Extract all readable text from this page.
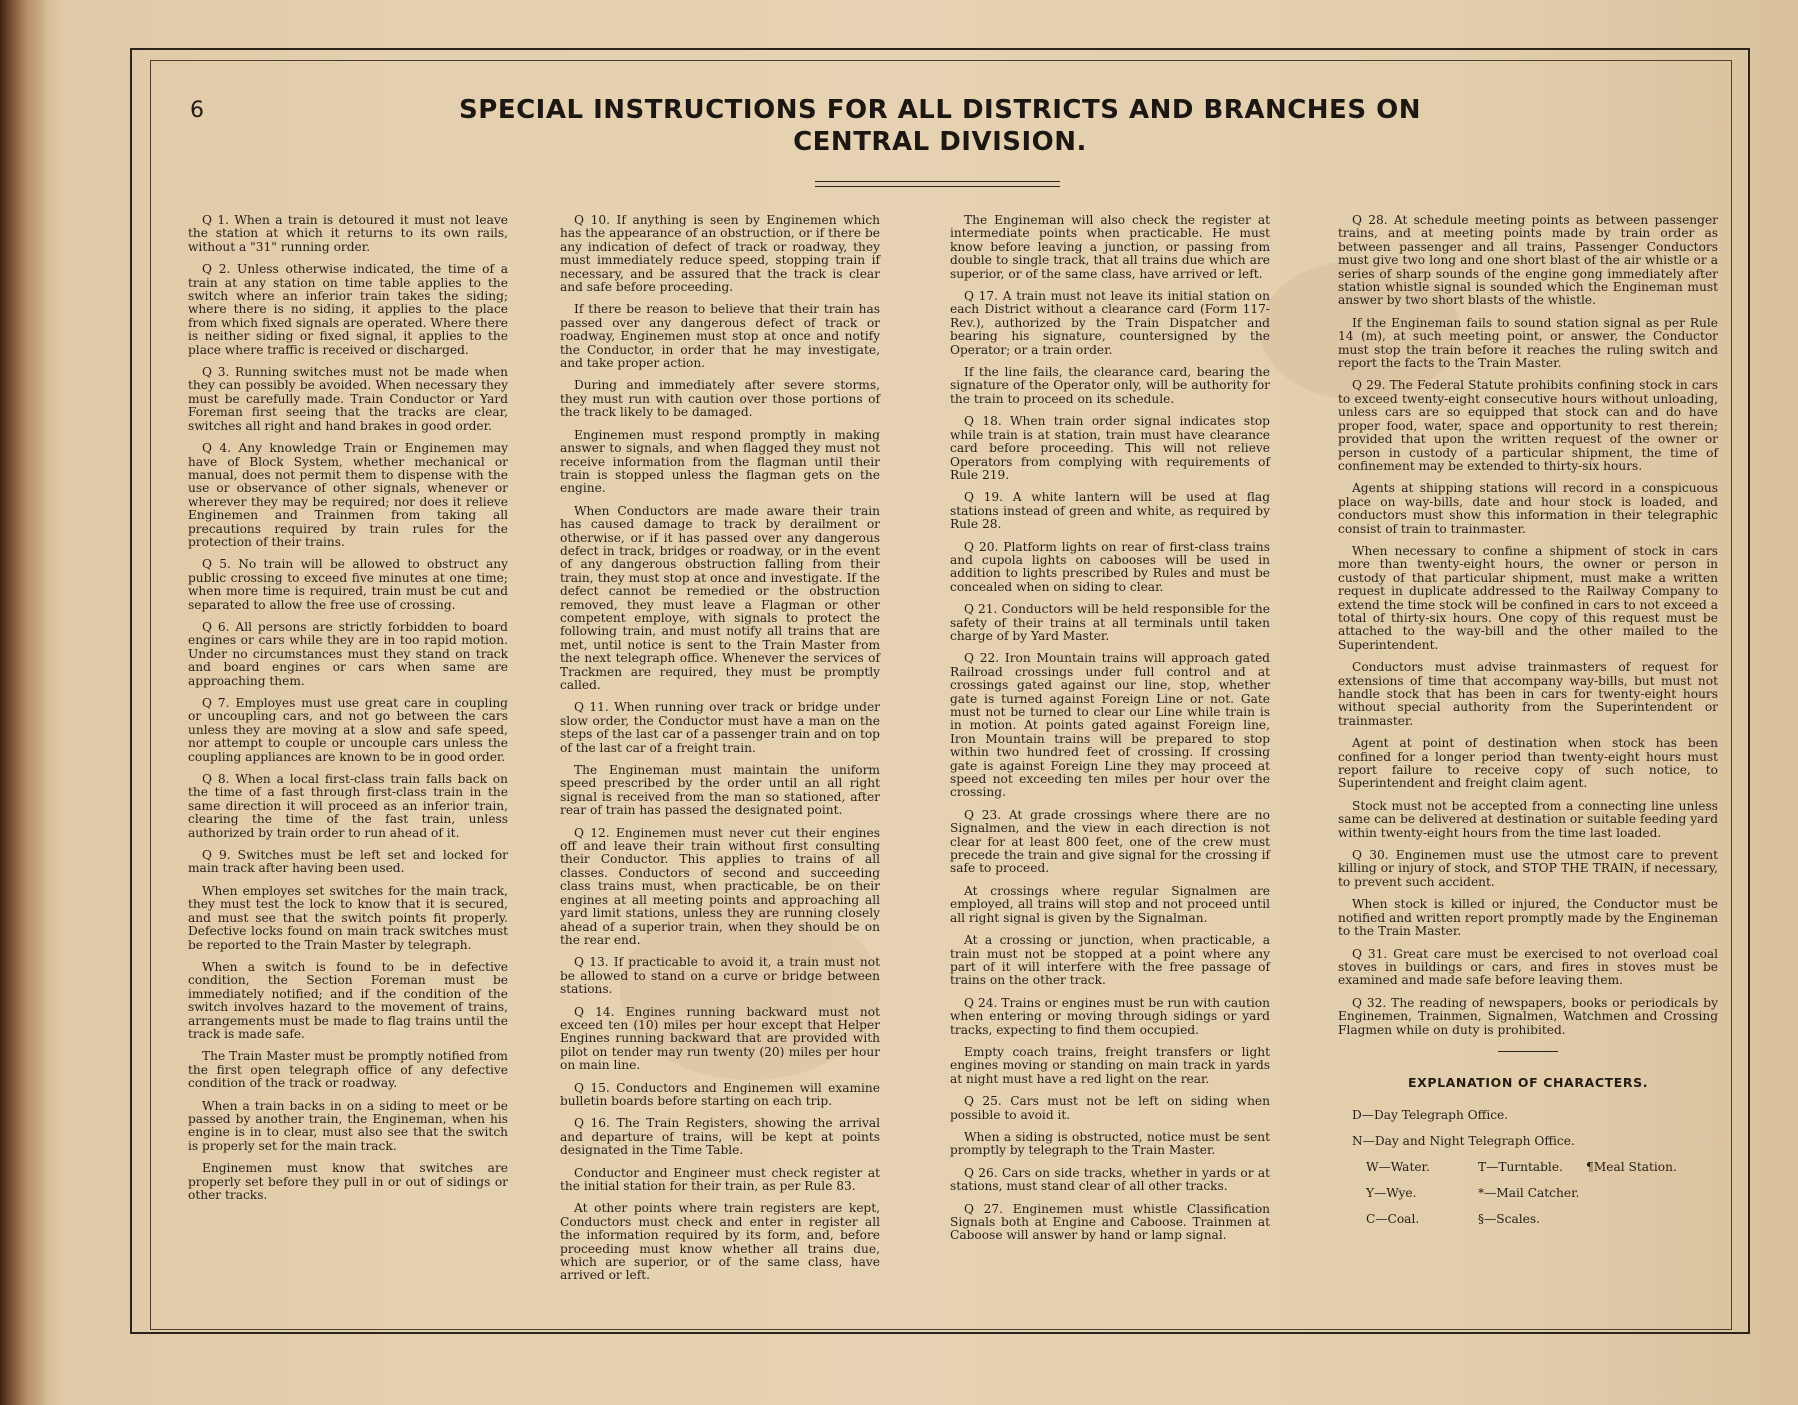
6	SPECIAL INSTRUCTIONS FOR ALL DISTRICTS AND BRANCHES ON
CENTRAL DIVISION.

Q 1. When a train is detoured it must not leave the station at which it returns to its own rails, without a "31" running order.

Q 2. Unless otherwise indicated, the time of a train at any station on time table applies to the switch where an inferior train takes the siding; where there is no siding, it applies to the place from which fixed signals are operated. Where there is neither siding or fixed signal, it applies to the place where traffic is received or discharged.

Q 3. Running switches must not be made when they can possibly be avoided. When necessary they must be carefully made. Train Conductor or Yard Foreman first seeing that the tracks are clear, switches all right and hand brakes in good order.

Q 4. Any knowledge Train or Enginemen may have of Block System, whether mechanical or manual, does not permit them to dispense with the use or observance of other signals, whenever or wherever they may be required; nor does it relieve Enginemen and Trainmen from taking all precautions required by train rules for the protection of their trains.

Q 5. No train will be allowed to obstruct any public crossing to exceed five minutes at one time; when more time is required, train must be cut and separated to allow the free use of crossing.

Q 6. All persons are strictly forbidden to board engines or cars while they are in too rapid motion. Under no circumstances must they stand on track and board engines or cars when same are approaching them.

Q 7. Employes must use great care in coupling or uncoupling cars, and not go between the cars unless they are moving at a slow and safe speed, nor attempt to couple or uncouple cars unless the coupling appliances are known to be in good order.

Q 8. When a local first-class train falls back on the time of a fast through first-class train in the same direction it will proceed as an inferior train, clearing the time of the fast train, unless authorized by train order to run ahead of it.

Q 9. Switches must be left set and locked for main track after having been used.

When employes set switches for the main track, they must test the lock to know that it is secured, and must see that the switch points fit properly. Defective locks found on main track switches must be reported to the Train Master by telegraph.

When a switch is found to be in defective condition, the Section Foreman must be immediately notified; and if the condition of the switch involves hazard to the movement of trains, arrangements must be made to flag trains until the track is made safe.

The Train Master must be promptly notified from the first open telegraph office of any defective condition of the track or roadway.

When a train backs in on a siding to meet or be passed by another train, the Engineman, when his engine is in to clear, must also see that the switch is properly set for the main track.

Enginemen must know that switches are properly set before they pull in or out of sidings or other tracks.

Q 10. If anything is seen by Enginemen which has the appearance of an obstruction, or if there be any indication of defect of track or roadway, they must immediately reduce speed, stopping train if necessary, and be assured that the track is clear and safe before proceeding.

If there be reason to believe that their train has passed over any dangerous defect of track or roadway, Enginemen must stop at once and notify the Conductor, in order that he may investigate, and take proper action.

During and immediately after severe storms, they must run with caution over those portions of the track likely to be damaged.

Enginemen must respond promptly in making answer to signals, and when flagged they must not receive information from the flagman until their train is stopped unless the flagman gets on the engine.

When Conductors are made aware their train has caused damage to track by derailment or otherwise, or if it has passed over any dangerous defect in track, bridges or roadway, or in the event of any dangerous obstruction falling from their train, they must stop at once and investigate. If the defect cannot be remedied or the obstruction removed, they must leave a Flagman or other competent employe, with signals to protect the following train, and must notify all trains that are met, until notice is sent to the Train Master from the next telegraph office. Whenever the services of Trackmen are required, they must be promptly called.

Q 11. When running over track or bridge under slow order, the Conductor must have a man on the steps of the last car of a passenger train and on top of the last car of a freight train.

The Engineman must maintain the uniform speed prescribed by the order until an all right signal is received from the man so stationed, after rear of train has passed the designated point.

Q 12. Enginemen must never cut their engines off and leave their train without first consulting their Conductor. This applies to trains of all classes. Conductors of second and succeeding class trains must, when practicable, be on their engines at all meeting points and approaching all yard limit stations, unless they are running closely ahead of a superior train, when they should be on the rear end.

Q 13. If practicable to avoid it, a train must not be allowed to stand on a curve or bridge between stations.

Q 14. Engines running backward must not exceed ten (10) miles per hour except that Helper Engines running backward that are provided with pilot on tender may run twenty (20) miles per hour on main line.

Q 15. Conductors and Enginemen will examine bulletin boards before starting on each trip.

Q 16. The Train Registers, showing the arrival and departure of trains, will be kept at points designated in the Time Table.

Conductor and Engineer must check register at the initial station for their train, as per Rule 83.

At other points where train registers are kept, Conductors must check and enter in register all the information required by its form, and, before proceeding must know whether all trains due, which are superior, or of the same class, have arrived or left.

The Engineman will also check the register at intermediate points when practicable. He must know before leaving a junction, or passing from double to single track, that all trains due which are superior, or of the same class, have arrived or left.

Q 17. A train must not leave its initial station on each District without a clearance card (Form 117-Rev.), authorized by the Train Dispatcher and bearing his signature, countersigned by the Operator; or a train order.

If the line fails, the clearance card, bearing the signature of the Operator only, will be authority for the train to proceed on its schedule.

Q 18. When train order signal indicates stop while train is at station, train must have clearance card before proceeding. This will not relieve Operators from complying with requirements of Rule 219.

Q 19. A white lantern will be used at flag stations instead of green and white, as required by Rule 28.

Q 20. Platform lights on rear of first-class trains and cupola lights on cabooses will be used in addition to lights prescribed by Rules and must be concealed when on siding to clear.

Q 21. Conductors will be held responsible for the safety of their trains at all terminals until taken charge of by Yard Master.

Q 22. Iron Mountain trains will approach gated Railroad crossings under full control and at crossings gated against our line, stop, whether gate is turned against Foreign Line or not. Gate must not be turned to clear our Line while train is in motion. At points gated against Foreign line, Iron Mountain trains will be prepared to stop within two hundred feet of crossing. If crossing gate is against Foreign Line they may proceed at speed not exceeding ten miles per hour over the crossing.

Q 23. At grade crossings where there are no Signalmen, and the view in each direction is not clear for at least 800 feet, one of the crew must precede the train and give signal for the crossing if safe to proceed.

At crossings where regular Signalmen are employed, all trains will stop and not proceed until all right signal is given by the Signalman.

At a crossing or junction, when practicable, a train must not be stopped at a point where any part of it will interfere with the free passage of trains on the other track.

Q 24. Trains or engines must be run with caution when entering or moving through sidings or yard tracks, expecting to find them occupied.

Empty coach trains, freight transfers or light engines moving or standing on main track in yards at night must have a red light on the rear.

Q 25. Cars must not be left on siding when possible to avoid it.

When a siding is obstructed, notice must be sent promptly by telegraph to the Train Master.

Q 26. Cars on side tracks, whether in yards or at stations, must stand clear of all other tracks.

Q 27. Enginemen must whistle Classification Signals both at Engine and Caboose. Trainmen at Caboose will answer by hand or lamp signal.

Q 28. At schedule meeting points as between passenger trains, and at meeting points made by train order as between passenger and all trains, Passenger Conductors must give two long and one short blast of the air whistle or a series of sharp sounds of the engine gong immediately after station whistle signal is sounded which the Engineman must answer by two short blasts of the whistle.

If the Engineman fails to sound station signal as per Rule 14 (m), at such meeting point, or answer, the Conductor must stop the train before it reaches the ruling switch and report the facts to the Train Master.

Q 29. The Federal Statute prohibits confining stock in cars to exceed twenty-eight consecutive hours without unloading, unless cars are so equipped that stock can and do have proper food, water, space and opportunity to rest therein; provided that upon the written request of the owner or person in custody of a particular shipment, the time of confinement may be extended to thirty-six hours.

Agents at shipping stations will record in a conspicuous place on way-bills, date and hour stock is loaded, and conductors must show this information in their telegraphic consist of train to trainmaster.

When necessary to confine a shipment of stock in cars more than twenty-eight hours, the owner or person in custody of that particular shipment, must make a written request in duplicate addressed to the Railway Company to extend the time stock will be confined in cars to not exceed a total of thirty-six hours. One copy of this request must be attached to the way-bill and the other mailed to the Superintendent.

Conductors must advise trainmasters of request for extensions of time that accompany way-bills, but must not handle stock that has been in cars for twenty-eight hours without special authority from the Superintendent or trainmaster.

Agent at point of destination when stock has been confined for a longer period than twenty-eight hours must report failure to receive copy of such notice, to Superintendent and freight claim agent.

Stock must not be accepted from a connecting line unless same can be delivered at destination or suitable feeding yard within twenty-eight hours from the time last loaded.

Q 30. Enginemen must use the utmost care to prevent killing or injury of stock, and STOP THE TRAIN, if necessary, to prevent such accident.

When stock is killed or injured, the Conductor must be notified and written report promptly made by the Engineman to the Train Master.

Q 31. Great care must be exercised to not overload coal stoves in buildings or cars, and fires in stoves must be examined and made safe before leaving them.

Q 32. The reading of newspapers, books or periodicals by Enginemen, Trainmen, Signalmen, Watchmen and Crossing Flagmen while on duty is prohibited.

EXPLANATION OF CHARACTERS.

D—Day Telegraph Office.

N—Day and Night Telegraph Office.

W—Water.	T—Turntable. ¶Meal Station.

Y—Wye.	*—Mail Catcher.

C—Coal.	§—Scales.
